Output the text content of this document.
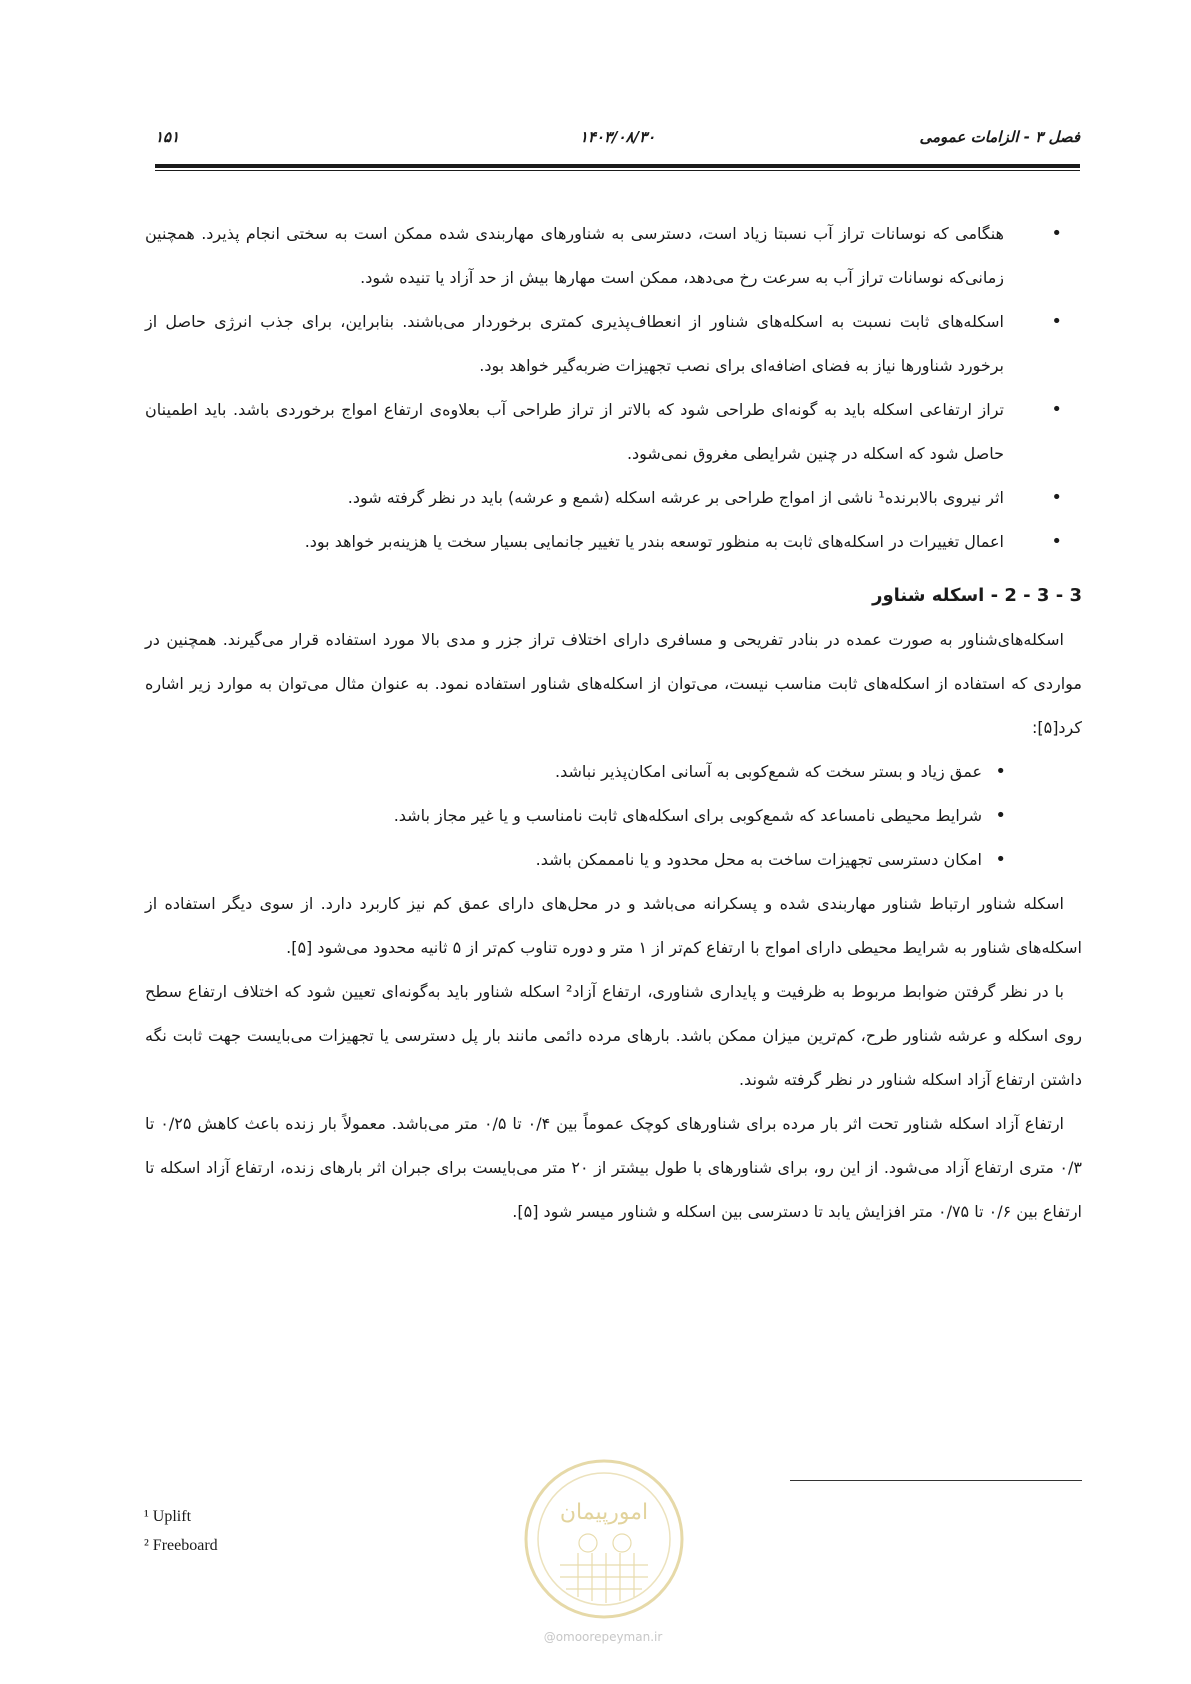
فصل ۳ - الزامات عمومی
۱۴۰۳/۰۸/۳۰
۱۵۱
• هنگامی که نوسانات تراز آب نسبتا زیاد است، دسترسی به شناورهای مهاربندی شده ممکن است به سختی انجام پذیرد. همچنین زمانی‌که نوسانات تراز آب به سرعت رخ می‌دهد، ممکن است مهارها بیش از حد آزاد یا تنیده شود.
• اسکله‌های ثابت نسبت به اسکله‌های شناور از انعطاف‌پذیری کمتری برخوردار می‌باشند. بنابراین، برای جذب انرژی حاصل از برخورد شناورها نیاز به فضای اضافه‌ای برای نصب تجهیزات ضربه‌گیر خواهد بود.
• تراز ارتفاعی اسکله باید به گونه‌ای طراحی شود که بالاتر از تراز طراحی آب بعلاوه‌ی ارتفاع امواج برخوردی باشد. باید اطمینان حاصل شود که اسکله در چنین شرایطی مغروق نمی‌شود.
• اثر نیروی بالابرنده¹ ناشی از امواج طراحی بر عرشه اسکله (شمع و عرشه) باید در نظر گرفته شود.
• اعمال تغییرات در اسکله‌های ثابت به منظور توسعه بندر یا تغییر جانمایی بسیار سخت یا هزینه‌بر خواهد بود.
3 - 3 - 2 - اسکله شناور

اسکله‌های‌شناور به صورت عمده در بنادر تفریحی و مسافری دارای اختلاف تراز جزر و مدی بالا مورد استفاده قرار می‌گیرند. همچنین در مواردی که استفاده از اسکله‌های ثابت مناسب نیست، می‌توان از اسکله‌های شناور استفاده نمود. به عنوان مثال می‌توان به موارد زیر اشاره کرد[۵]:

• عمق زیاد و بستر سخت که شمع‌کوبی به آسانی امکان‌پذیر نباشد.
• شرایط محیطی نامساعد که شمع‌کوبی برای اسکله‌های ثابت نامناسب و یا غیر مجاز باشد.
• امکان دسترسی تجهیزات ساخت به محل محدود و یا نامممکن باشد.

اسکله شناور ارتباط شناور مهاربندی شده و پسکرانه می‌باشد و در محل‌های دارای عمق کم نیز کاربرد دارد. از سوی دیگر استفاده از اسکله‌های شناور به شرایط محیطی دارای امواج با ارتفاع کم‌تر از ۱ متر و دوره تناوب کم‌تر از ۵ ثانیه محدود می‌شود [۵].

با در نظر گرفتن ضوابط مربوط به ظرفیت و پایداری شناوری، ارتفاع آزاد² اسکله شناور باید به‌گونه‌ای تعیین شود که اختلاف ارتفاع سطح روی اسکله و عرشه شناور طرح، کم‌ترین میزان ممکن باشد. بارهای مرده دائمی مانند بار پل دسترسی یا تجهیزات می‌بایست جهت ثابت نگه داشتن ارتفاع آزاد اسکله شناور در نظر گرفته شوند.

ارتفاع آزاد اسکله شناور تحت اثر بار مرده برای شناورهای کوچک عموماً بین ۰/۴ تا ۰/۵ متر می‌باشد. معمولاً بار زنده باعث کاهش ۰/۲۵ تا ۰/۳ متری ارتفاع آزاد می‌شود. از این رو، برای شناورهای با طول بیشتر از ۲۰ متر می‌بایست برای جبران اثر بارهای زنده، ارتفاع آزاد اسکله تا ارتفاع بین ۰/۶ تا ۰/۷۵ متر افزایش یابد تا دسترسی بین اسکله و شناور میسر شود [۵].

¹ Uplift
² Freeboard
امورپیمان
@omoorepeyman.ir
